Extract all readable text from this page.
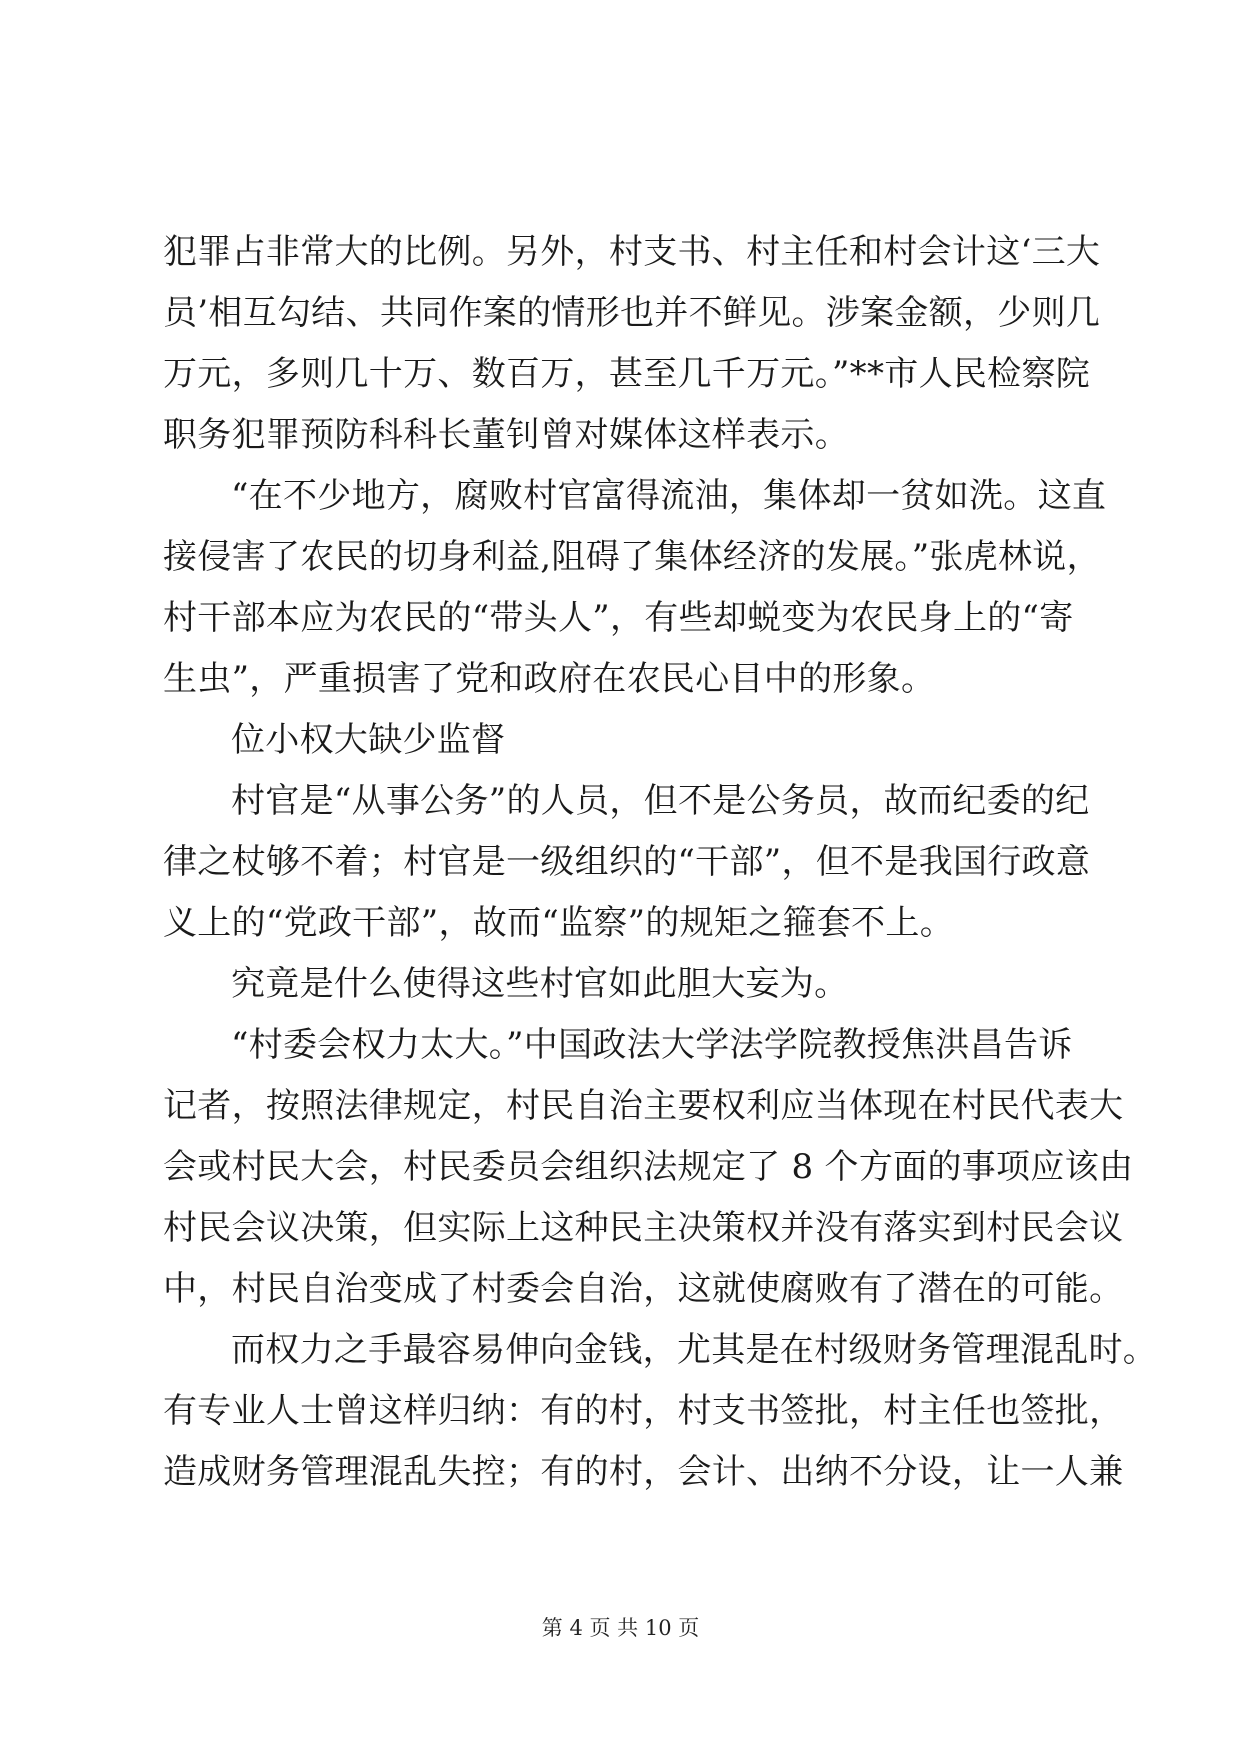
犯罪占非常大的比例。另外，村支书、村主任和村会计这‘三大
员’相互勾结、共同作案的情形也并不鲜见。涉案金额，少则几
万元，多则几十万、数百万，甚至几千万元。”**市人民检察院
职务犯罪预防科科长董钊曾对媒体这样表示。
“在不少地方，腐败村官富得流油，集体却一贫如洗。这直
接侵害了农民的切身利益,阻碍了集体经济的发展。”张虎林说，
村干部本应为农民的“带头人”，有些却蜕变为农民身上的“寄
生虫”，严重损害了党和政府在农民心目中的形象。
位小权大缺少监督
村官是“从事公务”的人员，但不是公务员，故而纪委的纪
律之杖够不着；村官是一级组织的“干部”，但不是我国行政意
义上的“党政干部”，故而“监察”的规矩之箍套不上。
究竟是什么使得这些村官如此胆大妄为。
“村委会权力太大。”中国政法大学法学院教授焦洪昌告诉
记者，按照法律规定，村民自治主要权利应当体现在村民代表大
会或村民大会，村民委员会组织法规定了 8 个方面的事项应该由
村民会议决策，但实际上这种民主决策权并没有落实到村民会议
中，村民自治变成了村委会自治，这就使腐败有了潜在的可能。
而权力之手最容易伸向金钱，尤其是在村级财务管理混乱时。
有专业人士曾这样归纳：有的村，村支书签批，村主任也签批，
造成财务管理混乱失控；有的村，会计、出纳不分设，让一人兼
第 4 页 共 10 页
